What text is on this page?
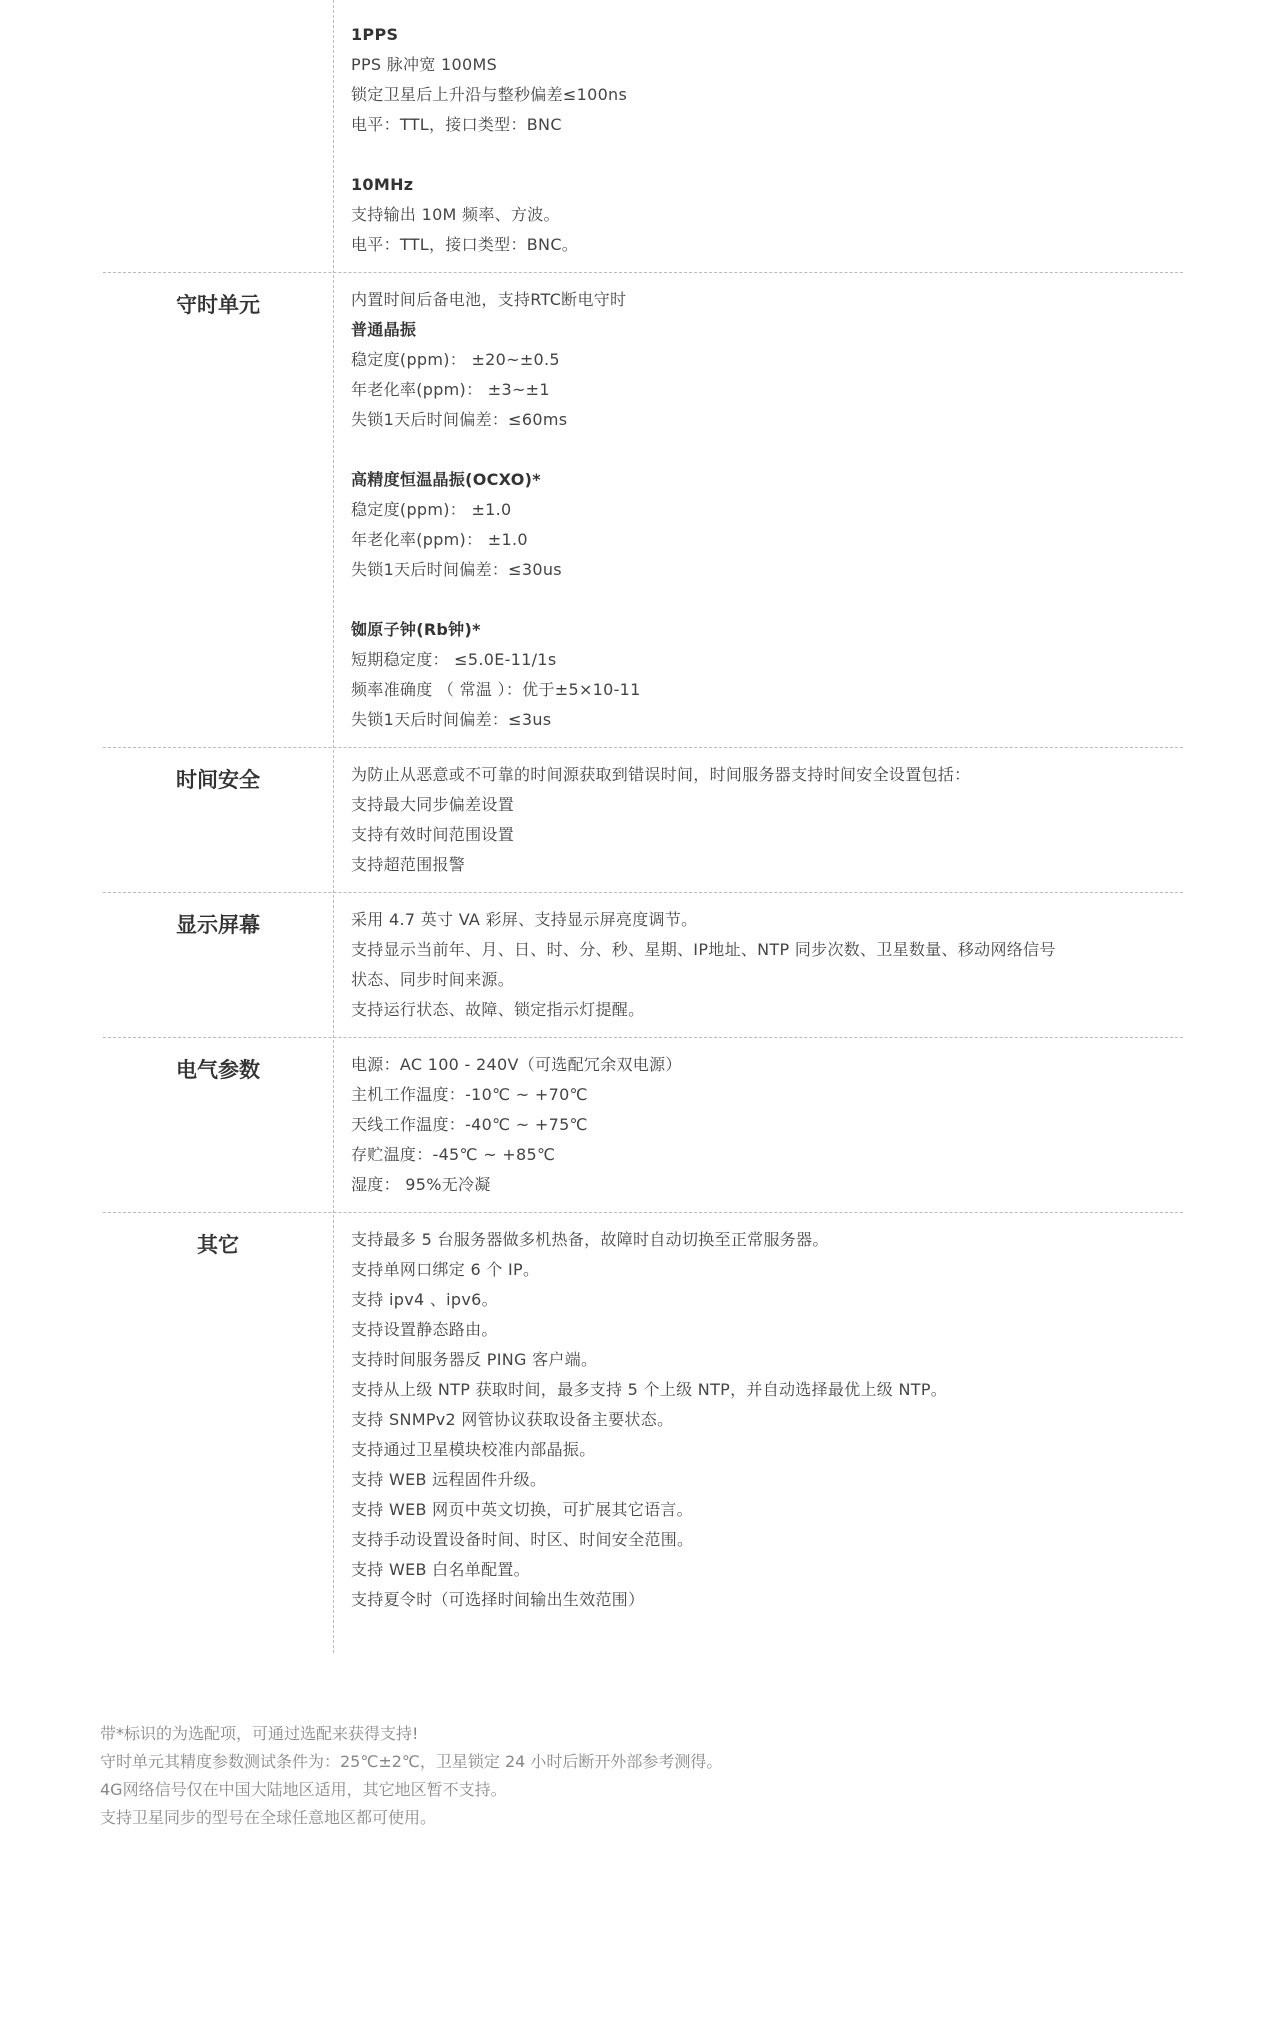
1PPS
PPS 脉冲宽 100MS
锁定卫星后上升沿与整秒偏差≤100ns
电平：TTL，接口类型：BNC
10MHz
支持输出 10M 频率、方波。
电平：TTL，接口类型：BNC。
守时单元	内置时间后备电池，支持RTC断电守时
普通晶振
稳定度(ppm)： ±20~±0.5
年老化率(ppm)： ±3~±1
失锁1天后时间偏差：≤60ms
高精度恒温晶振(OCXO)*
稳定度(ppm)： ±1.0
年老化率(ppm)： ±1.0
失锁1天后时间偏差：≤30us
铷原子钟(Rb钟)*
短期稳定度： ≤5.0E-11/1s
频率准确度 （ 常温 ）：优于±5×10-11
失锁1天后时间偏差：≤3us
时间安全	为防止从恶意或不可靠的时间源获取到错误时间，时间服务器支持时间安全设置包括：
支持最大同步偏差设置
支持有效时间范围设置
支持超范围报警
显示屏幕	采用 4.7 英寸 VA 彩屏、支持显示屏亮度调节。
支持显示当前年、月、日、时、分、秒、星期、IP地址、NTP 同步次数、卫星数量、移动网络信号
状态、同步时间来源。
支持运行状态、故障、锁定指示灯提醒。
电气参数	电源：AC 100 - 240V（可选配冗余双电源）
主机工作温度：-10℃ ~ +70℃
天线工作温度：-40℃ ~ +75℃
存贮温度：-45℃ ~ +85℃
湿度： 95%无冷凝
其它	支持最多 5 台服务器做多机热备，故障时自动切换至正常服务器。
支持单网口绑定 6 个 IP。
支持 ipv4 、ipv6。
支持设置静态路由。
支持时间服务器反 PING 客户端。
支持从上级 NTP 获取时间，最多支持 5 个上级 NTP，并自动选择最优上级 NTP。
支持 SNMPv2 网管协议获取设备主要状态。
支持通过卫星模块校准内部晶振。
支持 WEB 远程固件升级。
支持 WEB 网页中英文切换，可扩展其它语言。
支持手动设置设备时间、时区、时间安全范围。
支持 WEB 白名单配置。
支持夏令时（可选择时间输出生效范围）
带*标识的为选配项，可通过选配来获得支持!
守时单元其精度参数测试条件为：25℃±2℃，卫星锁定 24 小时后断开外部参考测得。
4G网络信号仅在中国大陆地区适用，其它地区暂不支持。
支持卫星同步的型号在全球任意地区都可使用。
